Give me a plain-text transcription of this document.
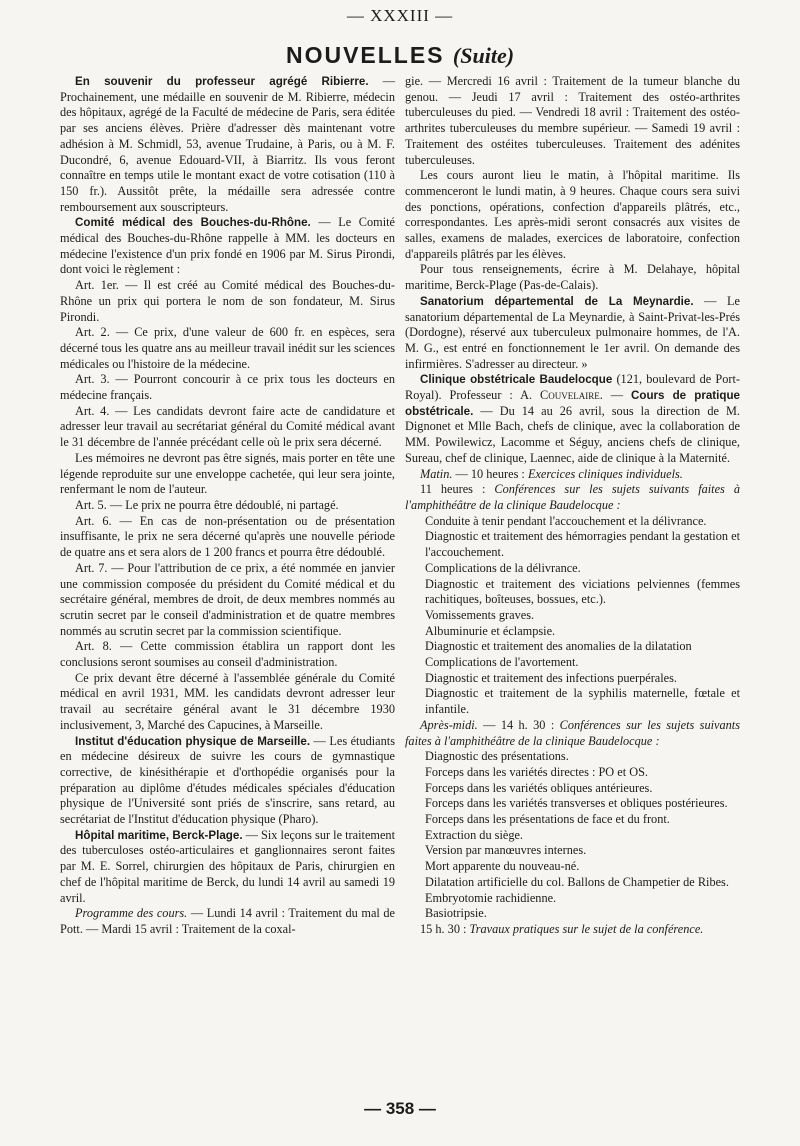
— XXXIII —
NOUVELLES (Suite)

En souvenir du professeur agrégé Ribierre. — Prochainement, une médaille en souvenir de M. Ribierre, médecin des hôpitaux, agrégé de la Faculté de médecine de Paris, sera éditée par ses anciens élèves. Prière d'adresser dès maintenant votre adhésion à M. Schmidl, 53, avenue Trudaine, à Paris, ou à M. F. Ducondré, 6, avenue Edouard-VII, à Biarritz. Ils vous feront connaître en temps utile le montant exact de votre cotisation (110 à 150 fr.). Aussitôt prête, la médaille sera adressée contre remboursement aux souscripteurs.

Comité médical des Bouches-du-Rhône. — Le Comité médical des Bouches-du-Rhône rappelle à MM. les docteurs en médecine l'existence d'un prix fondé en 1906 par M. Sirus Pirondi, dont voici le règlement :

Art. 1er. — Il est créé au Comité médical des Bouches-du-Rhône un prix qui portera le nom de son fondateur, M. Sirus Pirondi.

Art. 2. — Ce prix, d'une valeur de 600 fr. en espèces, sera décerné tous les quatre ans au meilleur travail inédit sur les sciences médicales ou l'histoire de la médecine.

Art. 3. — Pourront concourir à ce prix tous les docteurs en médecine français.

Art. 4. — Les candidats devront faire acte de candidature et adresser leur travail au secrétariat général du Comité médical avant le 31 décembre de l'année précédant celle où le prix sera décerné.

Les mémoires ne devront pas être signés, mais porter en tête une légende reproduite sur une enveloppe cachetée, qui leur sera jointe, renfermant le nom de l'auteur.

Art. 5. — Le prix ne pourra être dédoublé, ni partagé.

Art. 6. — En cas de non-présentation ou de présentation insuffisante, le prix ne sera décerné qu'après une nouvelle période de quatre ans et sera alors de 1 200 francs et pourra être dédoublé.

Art. 7. — Pour l'attribution de ce prix, a été nommée en janvier une commission composée du président du Comité médical et du secrétaire général, membres de droit, de deux membres nommés au scrutin secret par le conseil d'administration et de quatre membres nommés au scrutin secret par la commission scientifique.

Art. 8. — Cette commission établira un rapport dont les conclusions seront soumises au conseil d'administration.

Ce prix devant être décerné à l'assemblée générale du Comité médical en avril 1931, MM. les candidats devront adresser leur travail au secrétaire général avant le 31 décembre 1930 inclusivement, 3, Marché des Capucines, à Marseille.

Institut d'éducation physique de Marseille. — Les étudiants en médecine désireux de suivre les cours de gymnastique corrective, de kinésithérapie et d'orthopédie organisés pour la préparation au diplôme d'études médicales spéciales d'éducation physique de l'Université sont priés de s'inscrire, sans retard, au secrétariat de l'Institut d'éducation physique (Pharo).

Hôpital maritime, Berck-Plage. — Six leçons sur le traitement des tuberculoses ostéo-articulaires et ganglionnaires seront faites par M. E. Sorrel, chirurgien des hôpitaux de Paris, chirurgien en chef de l'hôpital maritime de Berck, du lundi 14 avril au samedi 19 avril.

Programme des cours. — Lundi 14 avril : Traitement du mal de Pott. — Mardi 15 avril : Traitement de la coxal-

gie. — Mercredi 16 avril : Traitement de la tumeur blanche du genou. — Jeudi 17 avril : Traitement des ostéo-arthrites tuberculeuses du pied. — Vendredi 18 avril : Traitement des ostéo-arthrites tuberculeuses du membre supérieur. — Samedi 19 avril : Traitement des ostéites tuberculeuses. Traitement des adénites tuberculeuses.

Les cours auront lieu le matin, à l'hôpital maritime. Ils commenceront le lundi matin, à 9 heures. Chaque cours sera suivi des ponctions, opérations, confection d'appareils plâtrés, etc., correspondantes. Les après-midi seront consacrés aux visites de salles, examens de malades, exercices de laboratoire, confection d'appareils plâtrés par les élèves.

Pour tous renseignements, écrire à M. Delahaye, hôpital maritime, Berck-Plage (Pas-de-Calais).

Sanatorium départemental de La Meynardie. — Le sanatorium départemental de La Meynardie, à Saint-Privat-les-Prés (Dordogne), réservé aux tuberculeux pulmonaire hommes, de l'A. M. G., est entré en fonctionnement le 1er avril. On demande des infirmières. S'adresser au directeur. »

Clinique obstétricale Baudelocque (121, boulevard de Port-Royal). Professeur : A. Couvelaire. — Cours de pratique obstétricale. — Du 14 au 26 avril, sous la direction de M. Dignonet et Mlle Bach, chefs de clinique, avec la collaboration de MM. Powilewicz, Lacomme et Séguy, anciens chefs de clinique, Sureau, chef de clinique, Laennec, aide de clinique à la Maternité.

Matin. — 10 heures : Exercices cliniques individuels.

11 heures : Conférences sur les sujets suivants faites à l'amphithéâtre de la clinique Baudelocque :

Conduite à tenir pendant l'accouchement et la délivrance.

Diagnostic et traitement des hémorragies pendant la gestation et l'accouchement.

Complications de la délivrance.

Diagnostic et traitement des viciations pelviennes (femmes rachitiques, boîteuses, bossues, etc.).

Vomissements graves.

Albuminurie et éclampsie.

Diagnostic et traitement des anomalies de la dilatation

Complications de l'avortement.

Diagnostic et traitement des infections puerpérales.

Diagnostic et traitement de la syphilis maternelle, fœtale et infantile.

Après-midi. — 14 h. 30 : Conférences sur les sujets suivants faites à l'amphithéâtre de la clinique Baudelocque :

Diagnostic des présentations.

Forceps dans les variétés directes : PO et OS.

Forceps dans les variétés obliques antérieures.

Forceps dans les variétés transverses et obliques postérieures.

Forceps dans les présentations de face et du front.

Extraction du siège.

Version par manœuvres internes.

Mort apparente du nouveau-né.

Dilatation artificielle du col. Ballons de Champetier de Ribes.

Embryotomie rachidienne.

Basiotripsie.

15 h. 30 : Travaux pratiques sur le sujet de la conférence.

— 358 —
